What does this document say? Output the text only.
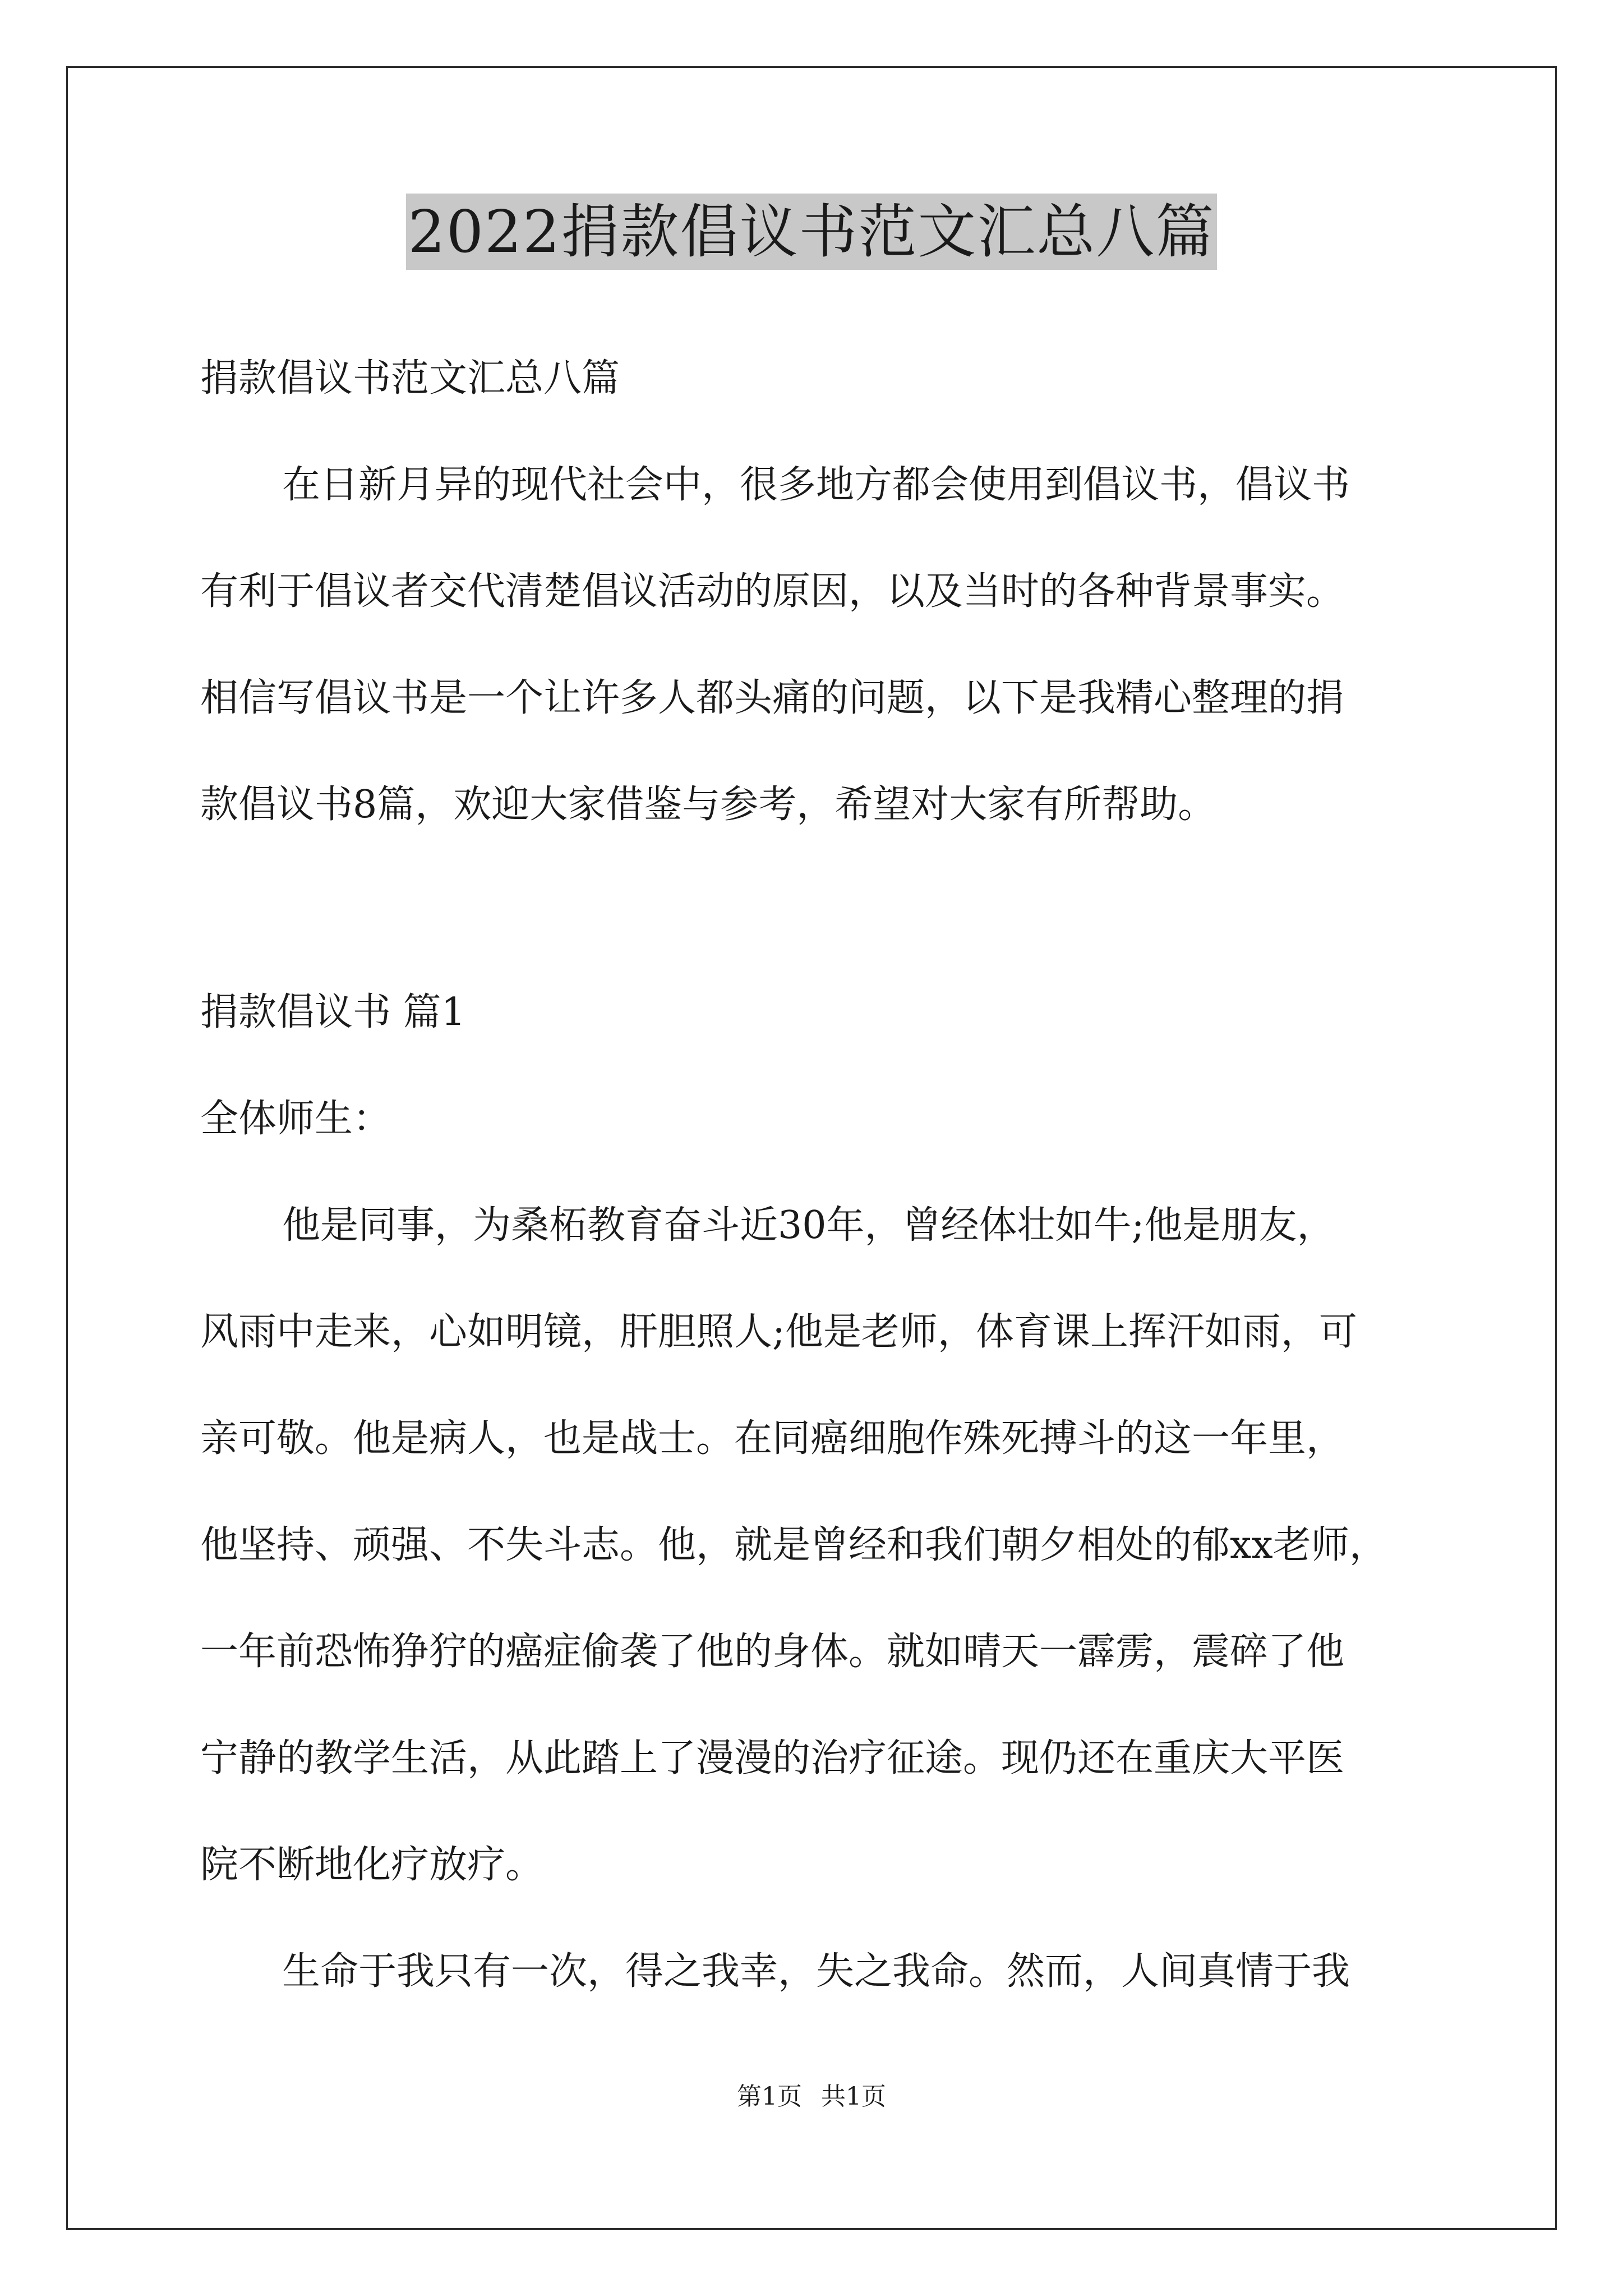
2022捐款倡议书范文汇总八篇
捐款倡议书范文汇总八篇
在日新月异的现代社会中，很多地方都会使用到倡议书，倡议书
有利于倡议者交代清楚倡议活动的原因，以及当时的各种背景事实。
相信写倡议书是一个让许多人都头痛的问题，以下是我精心整理的捐
款倡议书8篇，欢迎大家借鉴与参考，希望对大家有所帮助。
捐款倡议书 篇1
全体师生：
他是同事，为桑柘教育奋斗近30年，曾经体壮如牛;他是朋友，
风雨中走来，心如明镜，肝胆照人;他是老师，体育课上挥汗如雨，可
亲可敬。他是病人，也是战士。在同癌细胞作殊死搏斗的这一年里，
他坚持、顽强、不失斗志。他，就是曾经和我们朝夕相处的郁xx老师，
一年前恐怖狰狞的癌症偷袭了他的身体。就如晴天一霹雳，震碎了他
宁静的教学生活，从此踏上了漫漫的治疗征途。现仍还在重庆大平医
院不断地化疗放疗。
生命于我只有一次，得之我幸，失之我命。然而，人间真情于我
第1页 共1页
